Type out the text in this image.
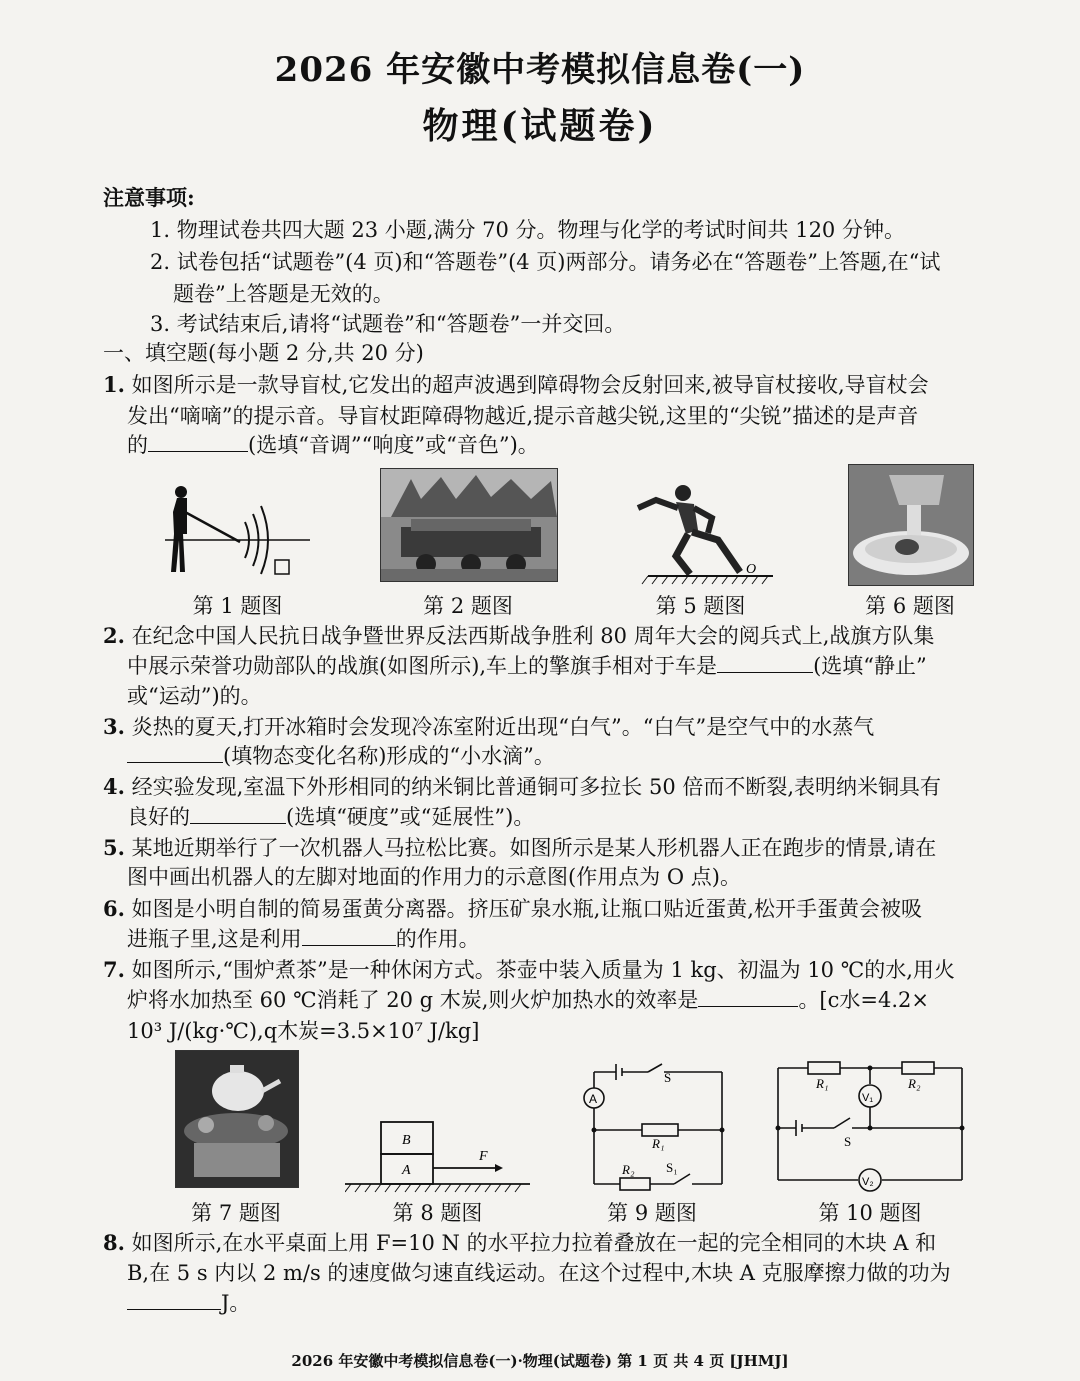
2026 年安徽中考模拟信息卷(一)
物理(试题卷)
注意事项:
1. 物理试卷共四大题 23 小题,满分 70 分。物理与化学的考试时间共 120 分钟。
2. 试卷包括“试题卷”(4 页)和“答题卷”(4 页)两部分。请务必在“答题卷”上答题,在“试
题卷”上答题是无效的。
3. 考试结束后,请将“试题卷”和“答题卷”一并交回。
一、填空题(每小题 2 分,共 20 分)
1. 如图所示是一款导盲杖,它发出的超声波遇到障碍物会反射回来,被导盲杖接收,导盲杖会
发出“嘀嘀”的提示音。导盲杖距障碍物越近,提示音越尖锐,这里的“尖锐”描述的是声音
的	(选填“音调”“响度”或“音色”)。
O
第 1 题图	第 2 题图	第 5 题图	第 6 题图
2. 在纪念中国人民抗日战争暨世界反法西斯战争胜利 80 周年大会的阅兵式上,战旗方队集
中展示荣誉功勋部队的战旗(如图所示),车上的擎旗手相对于车是	(选填“静止”
或“运动”)的。
3. 炎热的夏天,打开冰箱时会发现冷冻室附近出现“白气”。“白气”是空气中的水蒸气
(填物态变化名称)形成的“小水滴”。
4. 经实验发现,室温下外形相同的纳米铜比普通铜可多拉长 50 倍而不断裂,表明纳米铜具有
良好的	(选填“硬度”或“延展性”)。
5. 某地近期举行了一次机器人马拉松比赛。如图所示是某人形机器人正在跑步的情景,请在
图中画出机器人的左脚对地面的作用力的示意图(作用点为 O 点)。
6. 如图是小明自制的简易蛋黄分离器。挤压矿泉水瓶,让瓶口贴近蛋黄,松开手蛋黄会被吸
进瓶子里,这是利用	的作用。
7. 如图所示,“围炉煮茶”是一种休闲方式。茶壶中装入质量为 1 kg、初温为 10 ℃的水,用火
炉将水加热至 60 ℃消耗了 20 g 木炭,则火炉加热水的效率是	。[c水=4.2×
10³ J/(kg·℃),q木炭=3.5×10⁷ J/kg]
B
A
F
A
S
R₁
R₂ S₁
R₁	R₂
V₁
V₂
S
第 7 题图	第 8 题图	第 9 题图	第 10 题图
8. 如图所示,在水平桌面上用 F=10 N 的水平拉力拉着叠放在一起的完全相同的木块 A 和
B,在 5 s 内以 2 m/s 的速度做匀速直线运动。在这个过程中,木块 A 克服摩擦力做的功为
J。
2026 年安徽中考模拟信息卷(一)·物理(试题卷) 第 1 页 共 4 页 [JHMJ]
